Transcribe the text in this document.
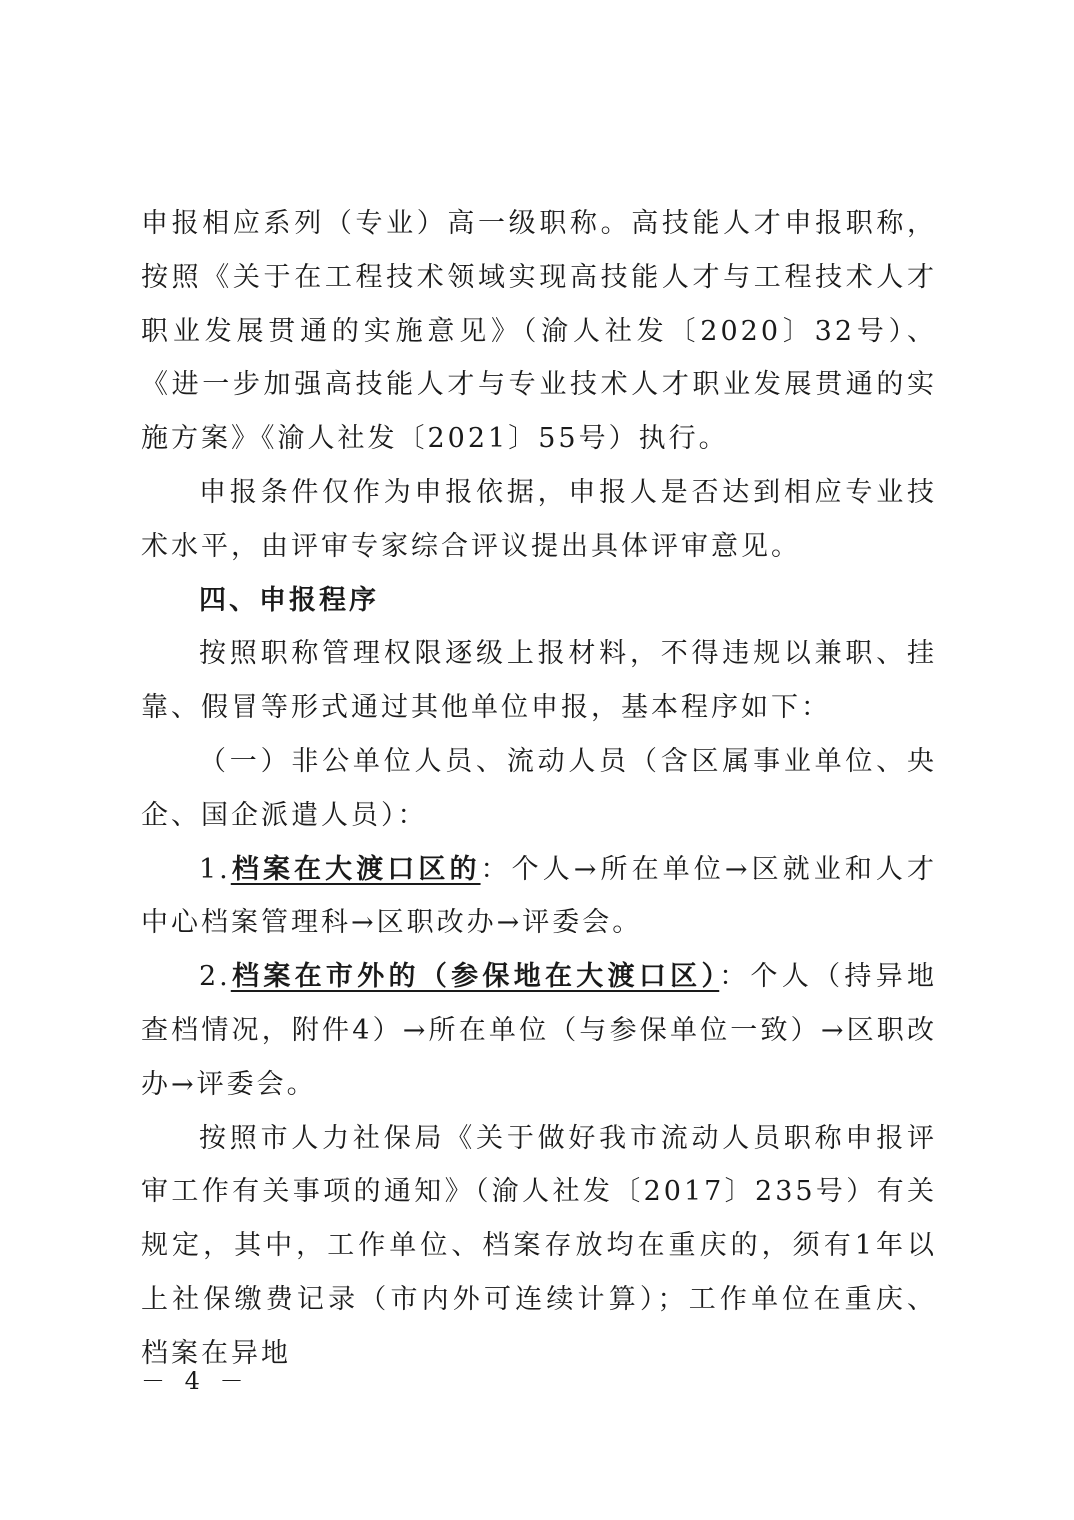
申报相应系列（专业）高一级职称。高技能人才申报职称，按照《关于在工程技术领域实现高技能人才与工程技术人才职业发展贯通的实施意见》（渝人社发〔2020〕32号）、《进一步加强高技能人才与专业技术人才职业发展贯通的实施方案》《渝人社发〔2021〕55号）执行。

申报条件仅作为申报依据，申报人是否达到相应专业技术水平，由评审专家综合评议提出具体评审意见。

四、申报程序

按照职称管理权限逐级上报材料，不得违规以兼职、挂靠、假冒等形式通过其他单位申报，基本程序如下：

（一）非公单位人员、流动人员（含区属事业单位、央企、国企派遣人员）：

1.档案在大渡口区的：个人→所在单位→区就业和人才中心档案管理科→区职改办→评委会。

2.档案在市外的（参保地在大渡口区）：个人（持异地查档情况，附件4）→所在单位（与参保单位一致）→区职改办→评委会。

按照市人力社保局《关于做好我市流动人员职称申报评审工作有关事项的通知》（渝人社发〔2017〕235号）有关规定，其中，工作单位、档案存放均在重庆的，须有1年以上社保缴费记录（市内外可连续计算）；工作单位在重庆、档案在异地

－ 4 －
